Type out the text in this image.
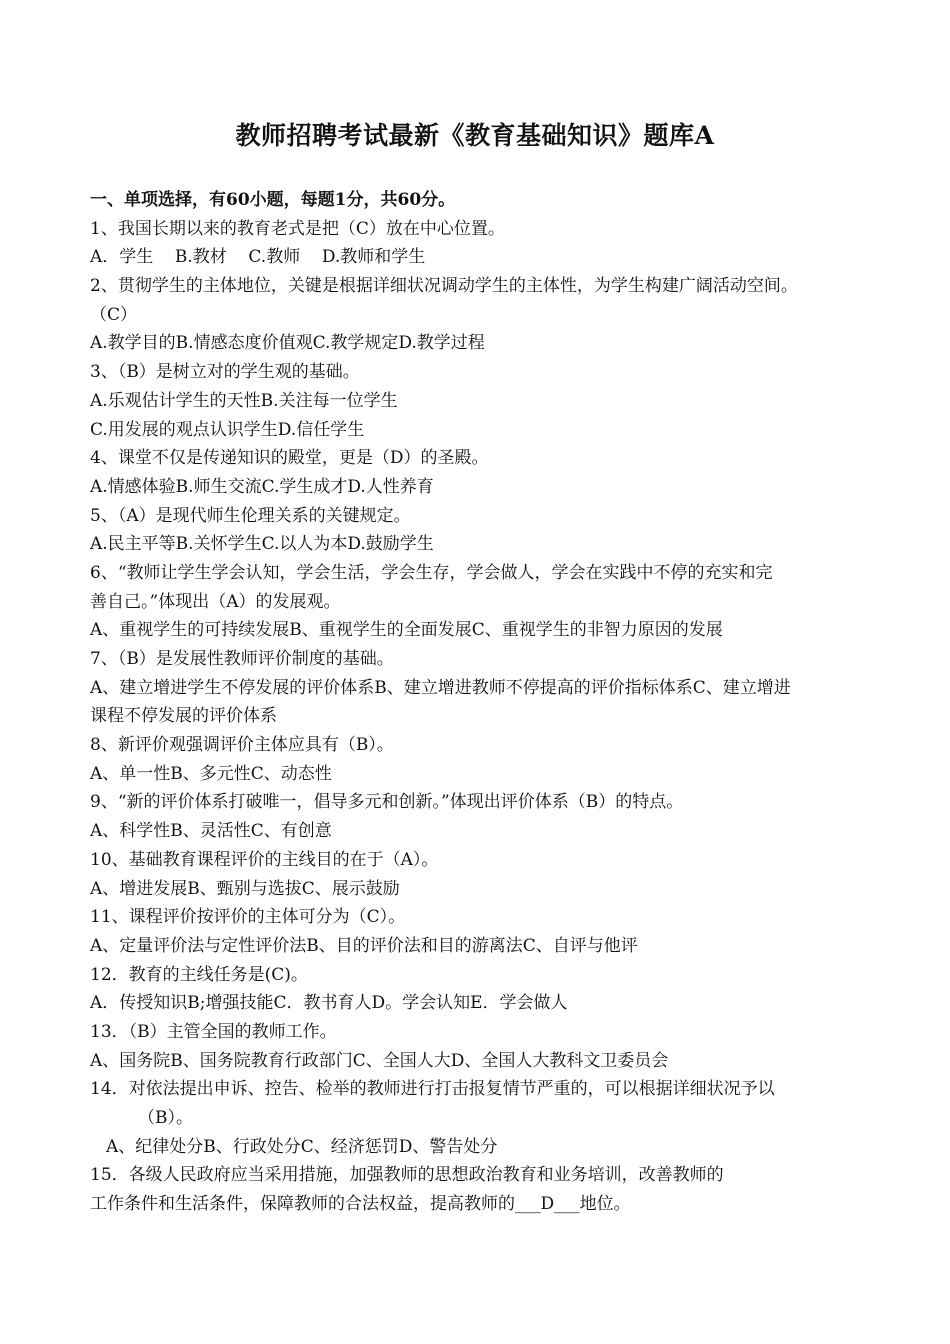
教师招聘考试最新《教育基础知识》题库A
一、单项选择，有60小题，每题1分，共60分。
1、我国长期以来的教育老式是把（C）放在中心位置。
A．学生    B.教材    C.教师    D.教师和学生
2、贯彻学生的主体地位，关键是根据详细状况调动学生的主体性，为学生构建广阔活动空间。
（C）
A.教学目的B.情感态度价值观C.教学规定D.教学过程
3、（B）是树立对的学生观的基础。
A.乐观估计学生的天性B.关注每一位学生
C.用发展的观点认识学生D.信任学生
4、课堂不仅是传递知识的殿堂，更是（D）的圣殿。
A.情感体验B.师生交流C.学生成才D.人性养育
5、（A）是现代师生伦理关系的关键规定。
A.民主平等B.关怀学生C.以人为本D.鼓励学生
6、“教师让学生学会认知，学会生活，学会生存，学会做人，学会在实践中不停的充实和完
善自己。”体现出（A）的发展观。
A、重视学生的可持续发展B、重视学生的全面发展C、重视学生的非智力原因的发展
7、（B）是发展性教师评价制度的基础。
A、建立增进学生不停发展的评价体系B、建立增进教师不停提高的评价指标体系C、建立增进
课程不停发展的评价体系
8、新评价观强调评价主体应具有（B）。
A、单一性B、多元性C、动态性
9、“新的评价体系打破唯一，倡导多元和创新。”体现出评价体系（B）的特点。
A、科学性B、灵活性C、有创意
10、基础教育课程评价的主线目的在于（A）。
A、增进发展B、甄别与选拔C、展示鼓励
11、课程评价按评价的主体可分为（C）。
A、定量评价法与定性评价法B、目的评价法和目的游离法C、自评与他评
12．教育的主线任务是(C)。
A．传授知识B;增强技能C．教书育人D。学会认知E．学会做人
13．（B）主管全国的教师工作。
A、国务院B、国务院教育行政部门C、全国人大D、全国人大教科文卫委员会
14．对依法提出申诉、控告、检举的教师进行打击报复情节严重的，可以根据详细状况予以
（B）。
A、纪律处分B、行政处分C、经济惩罚D、警告处分
15．各级人民政府应当采用措施，加强教师的思想政治教育和业务培训，改善教师的
工作条件和生活条件，保障教师的合法权益，提高教师的___D___地位。
